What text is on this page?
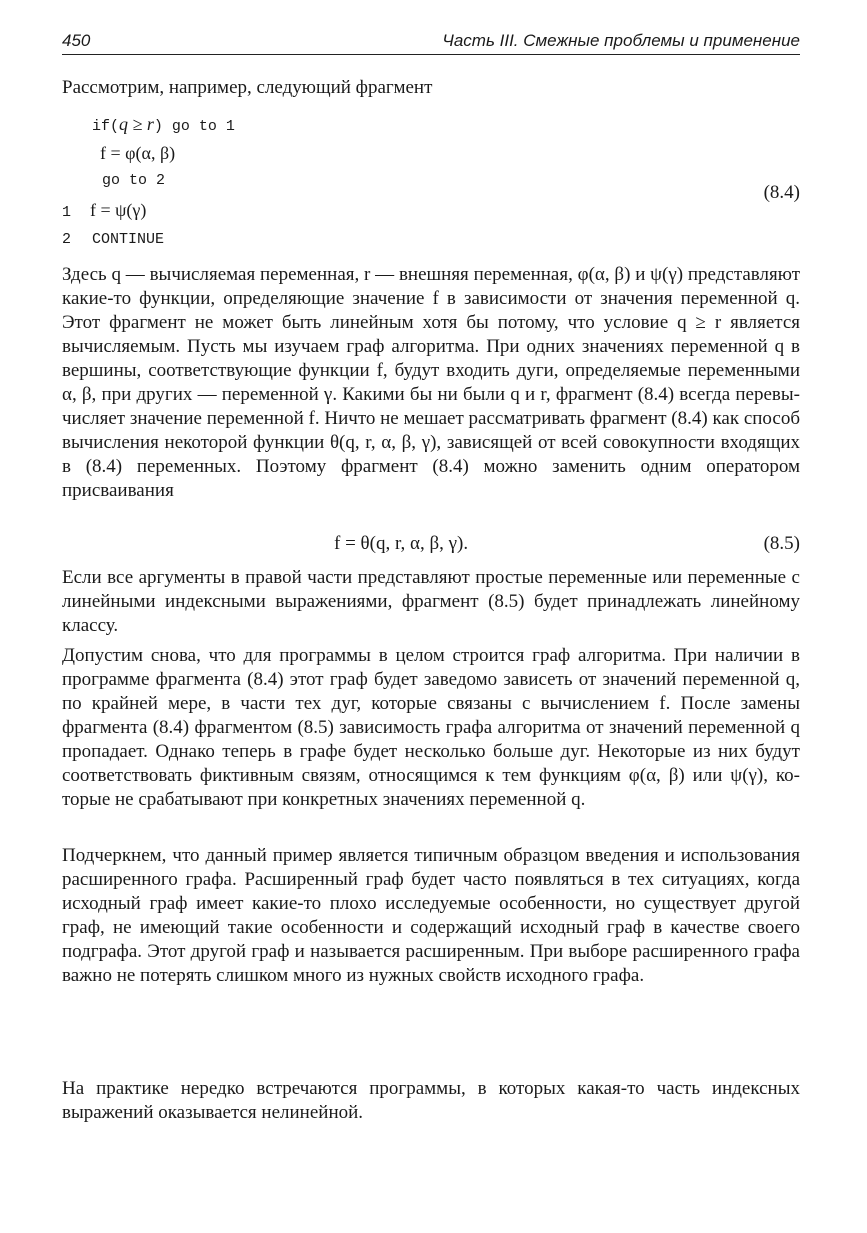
450	Часть III. Смежные проблемы и применение
Рассмотрим, например, следующий фрагмент
if(q ≥ r) go to 1
f = φ(α, β)
go to 2
(8.4)
1 f = ψ(γ)
2 CONTINUE

Здесь q — вычисляемая переменная, r — внешняя переменная, φ(α, β) и ψ(γ) представляют какие-то функции, определяющие значение f в зависимости от значения переменной q. Этот фрагмент не может быть линейным хотя бы потому, что условие q ≥ r является вычисляемым. Пусть мы изучаем граф алгоритма. При одних значениях переменной q в вершины, соответствующие функции f, будут входить дуги, определяемые переменными α, β, при других — переменной γ. Какими бы ни были q и r, фрагмент (8.4) всегда перевычисляет значение переменной f. Ничто не мешает рассматривать фрагмент (8.4) как способ вычисления некоторой функции θ(q, r, α, β, γ), зависящей от всей совокупности входящих в (8.4) переменных. Поэтому фрагмент (8.4) можно заменить одним оператором присваивания

f = θ(q, r, α, β, γ).	(8.5)

Если все аргументы в правой части представляют простые переменные или переменные с линейными индексными выражениями, фрагмент (8.5) будет принадлежать линейному классу.

Допустим снова, что для программы в целом строится граф алгоритма. При наличии в программе фрагмента (8.4) этот граф будет заведомо зависеть от значений переменной q, по крайней мере, в части тех дуг, которые связаны с вычислением f. После замены фрагмента (8.4) фрагментом (8.5) зависимость графа алгоритма от значений переменной q пропадает. Однако теперь в графе будет несколько больше дуг. Некоторые из них будут соответствовать фиктивным связям, относящимся к тем функциям φ(α, β) или ψ(γ), которые не срабатывают при конкретных значениях переменной q.

Подчеркнем, что данный пример является типичным образцом введения и использования расширенного графа. Расширенный граф будет часто появляться в тех ситуациях, когда исходный граф имеет какие-то плохо исследуемые особенности, но существует другой граф, не имеющий такие особенности и содержащий исходный граф в качестве своего подграфа. Этот другой граф и называется расширенным. При выборе расширенного графа важно не потерять слишком много из нужных свойств исходного графа.

На практике нередко встречаются программы, в которых какая-то часть индексных выражений оказывается нелинейной.
